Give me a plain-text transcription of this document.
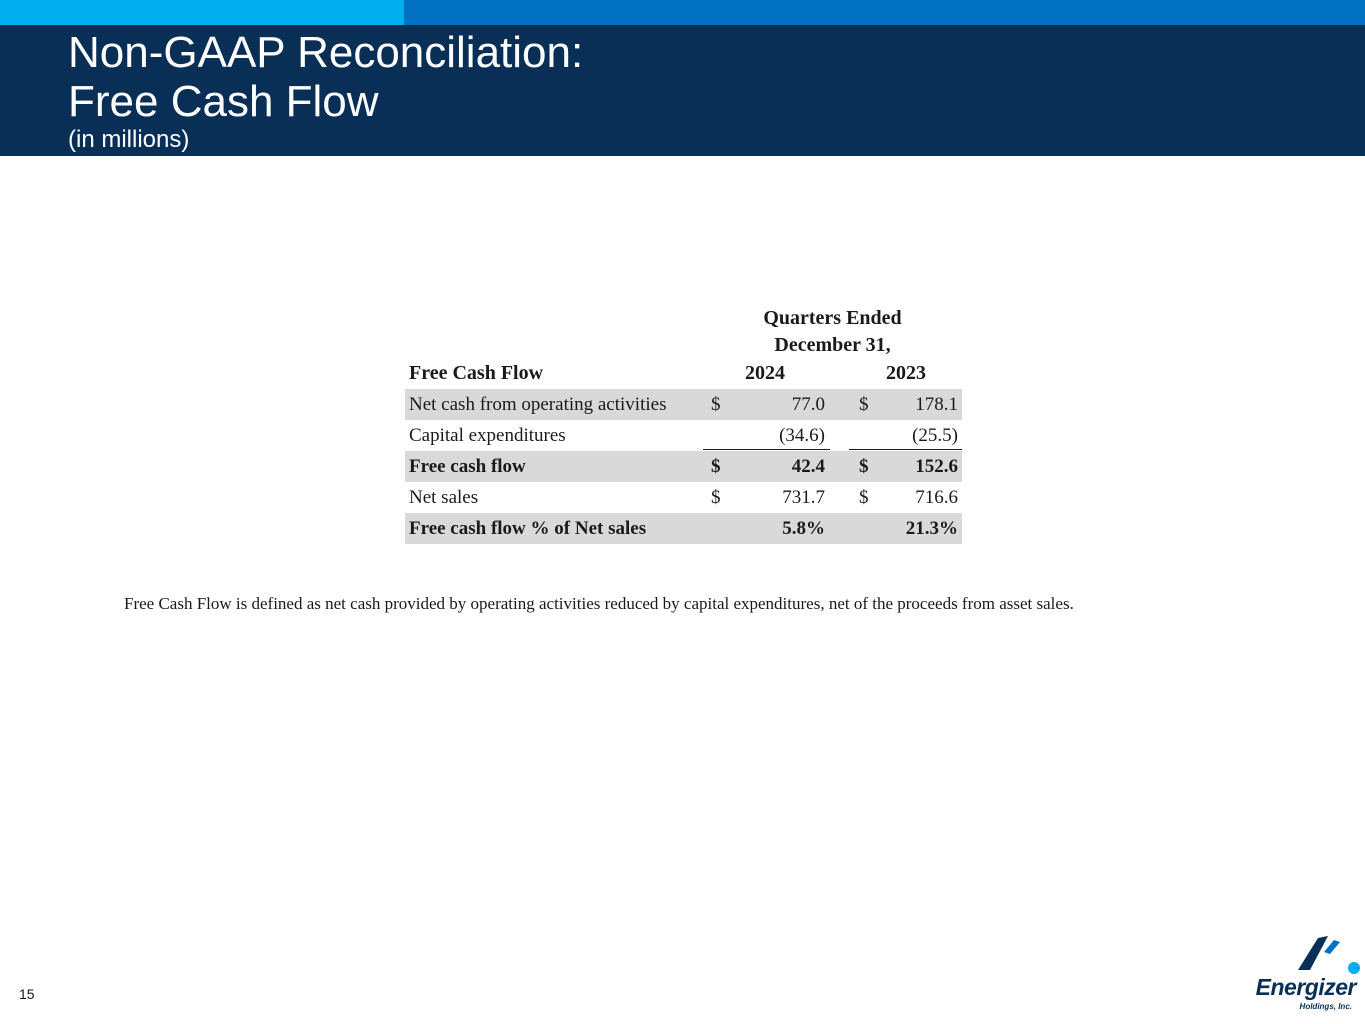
Non-GAAP Reconciliation:
Free Cash Flow
(in millions)
Quarters Ended
December 31,
Free Cash Flow	2024	2023
Net cash from operating activities $	77.0 $	178.1
Capital expenditures	(34.6)	(25.5)
Free cash flow	$	42.4 $	152.6
Net sales	$	731.7 $	716.6
Free cash flow % of Net sales	5.8%	21.3%
Free Cash Flow is defined as net cash provided by operating activities reduced by capital expenditures, net of the proceeds from asset sales.
15	Energizer
Holdings, Inc.
